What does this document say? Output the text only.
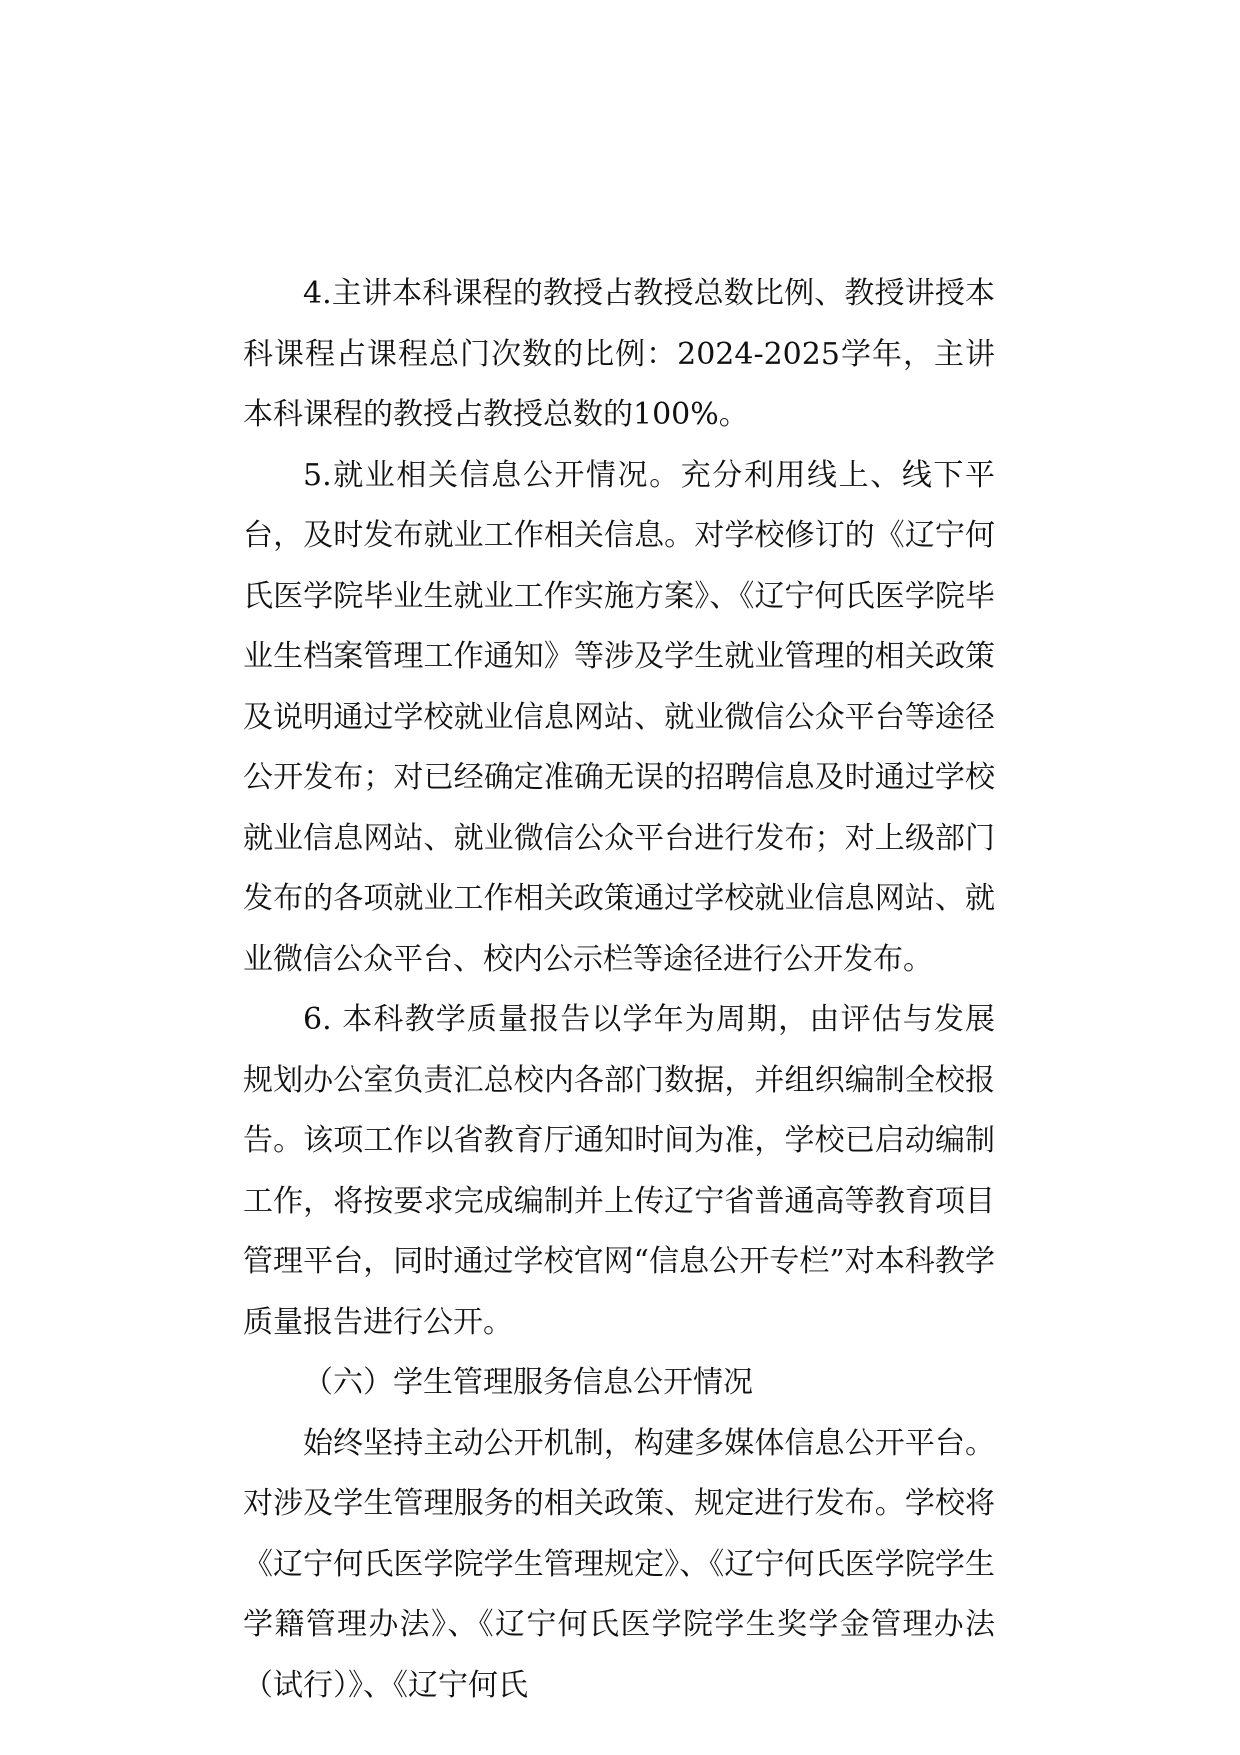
4.主讲本科课程的教授占教授总数比例、教授讲授本科课程占课程总门次数的比例：2024-2025学年，主讲本科课程的教授占教授总数的100%。

5.就业相关信息公开情况。充分利用线上、线下平台，及时发布就业工作相关信息。对学校修订的《辽宁何氏医学院毕业生就业工作实施方案》、《辽宁何氏医学院毕业生档案管理工作通知》等涉及学生就业管理的相关政策及说明通过学校就业信息网站、就业微信公众平台等途径公开发布；对已经确定准确无误的招聘信息及时通过学校就业信息网站、就业微信公众平台进行发布；对上级部门发布的各项就业工作相关政策通过学校就业信息网站、就业微信公众平台、校内公示栏等途径进行公开发布。

6. 本科教学质量报告以学年为周期，由评估与发展规划办公室负责汇总校内各部门数据，并组织编制全校报告。该项工作以省教育厅通知时间为准，学校已启动编制工作，将按要求完成编制并上传辽宁省普通高等教育项目管理平台，同时通过学校官网“信息公开专栏”对本科教学质量报告进行公开。

（六）学生管理服务信息公开情况

始终坚持主动公开机制，构建多媒体信息公开平台。对涉及学生管理服务的相关政策、规定进行发布。学校将《辽宁何氏医学院学生管理规定》、《辽宁何氏医学院学生学籍管理办法》、《辽宁何氏医学院学生奖学金管理办法（试行）》、《辽宁何氏
